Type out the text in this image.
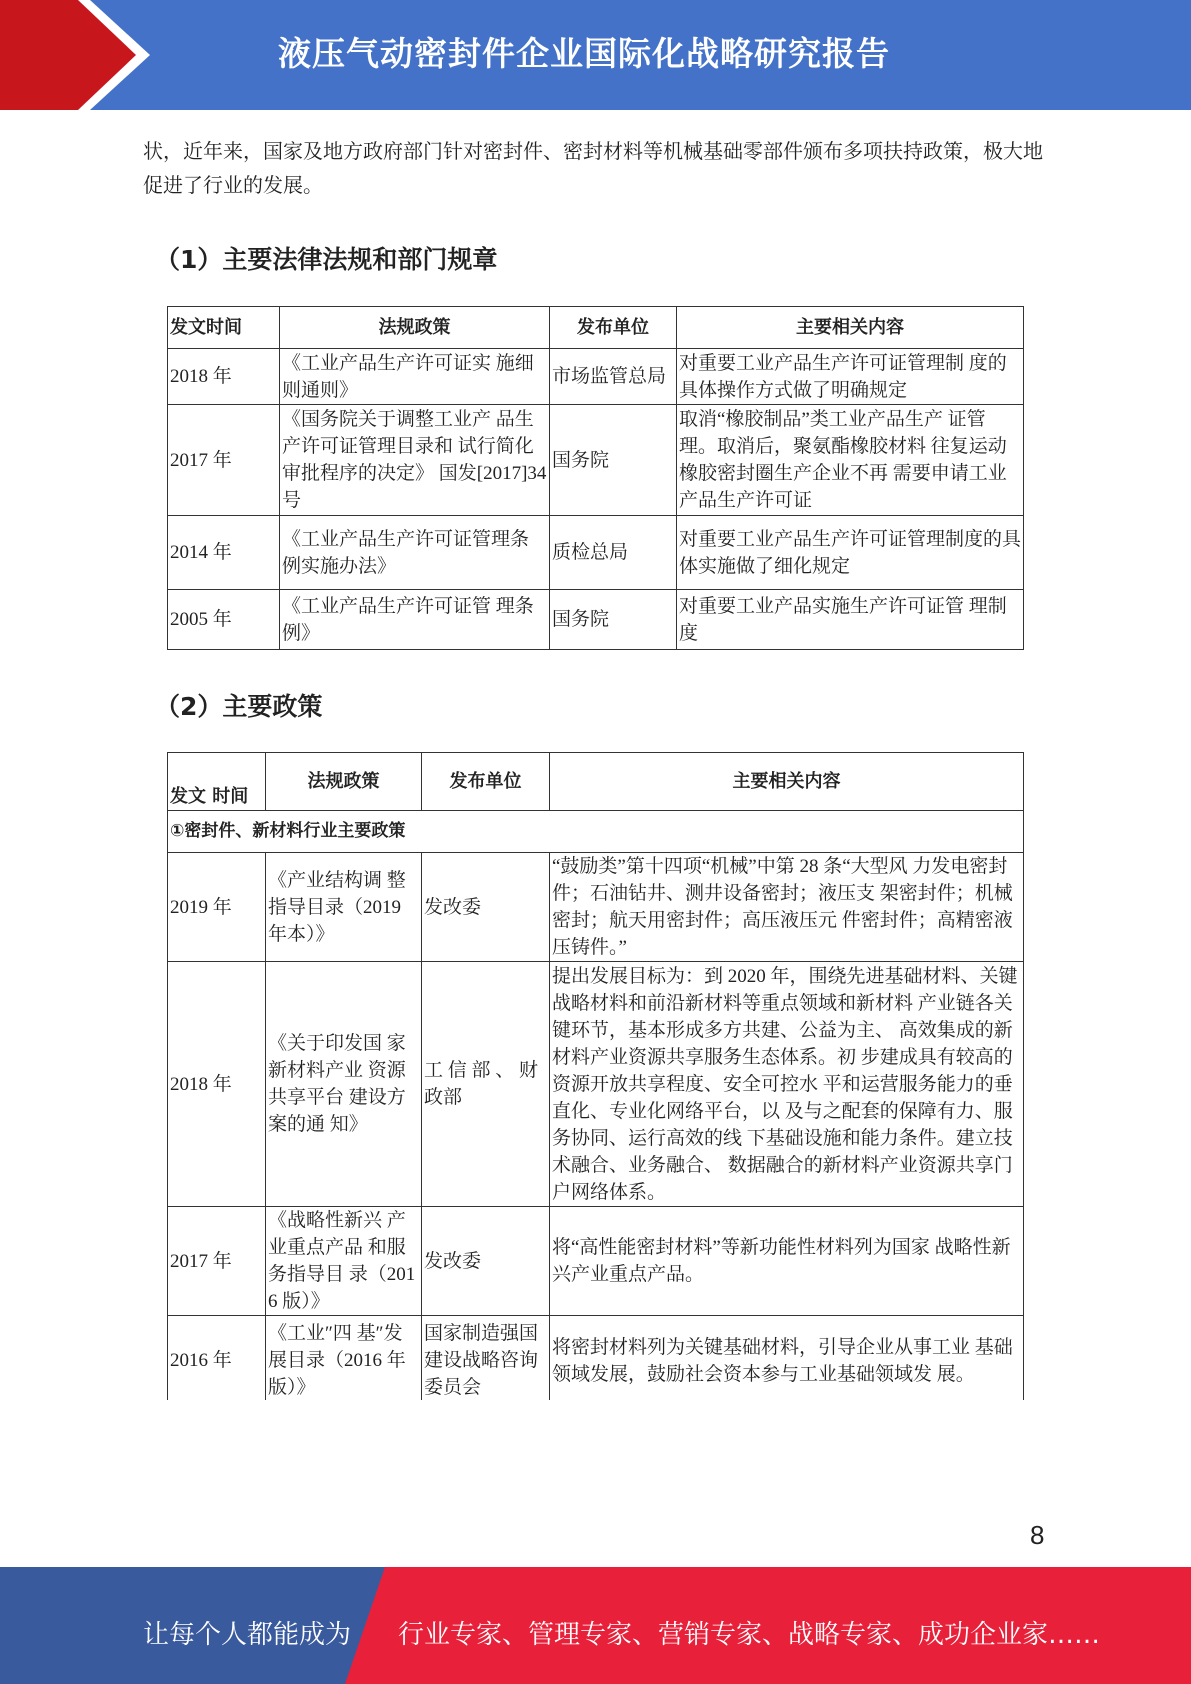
液压气动密封件企业国际化战略研究报告
状，近年来，国家及地方政府部门针对密封件、密封材料等机械基础零部件颁布多项扶持政策，极大地促进了行业的发展。
（1）主要法律法规和部门规章
发文时间	法规政策	发布单位	主要相关内容
2018 年	《工业产品生产许可证实 施细则通则》	市场监管总局	对重要工业产品生产许可证管理制 度的具体操作方式做了明确规定
2017 年	《国务院关于调整工业产 品生产许可证管理目录和 试行简化审批程序的决定》 国发[2017]34 号	国务院	取消“橡胶制品”类工业产品生产 证管理。取消后，聚氨酯橡胶材料 往复运动橡胶密封圈生产企业不再 需要申请工业产品生产许可证
2014 年	《工业产品生产许可证管理条例实施办法》	质检总局	对重要工业产品生产许可证管理制度的具体实施做了细化规定
2005 年	《工业产品生产许可证管 理条例》	国务院	对重要工业产品实施生产许可证管 理制度
（2）主要政策
发文 时间	法规政策	发布单位	主要相关内容
①密封件、新材料行业主要政策			
2019 年	《产业结构调 整指导目录（2019 年本）》	发改委	“鼓励类”第十四项“机械”中第 28 条“大型风 力发电密封件；石油钻井、测井设备密封；液压支 架密封件；机械密封；航天用密封件；高压液压元 件密封件；高精密液压铸件。”
2018 年	《关于印发国 家新材料产业 资源共享平台 建设方案的通 知》	工 信 部 、 财政部	提出发展目标为：到 2020 年，围绕先进基础材料、关键战略材料和前沿新材料等重点领域和新材料 产业链各关键环节，基本形成多方共建、公益为主、 高效集成的新材料产业资源共享服务生态体系。初 步建成具有较高的资源开放共享程度、安全可控水 平和运营服务能力的垂直化、专业化网络平台，以 及与之配套的保障有力、服务协同、运行高效的线 下基础设施和能力条件。建立技术融合、业务融合、 数据融合的新材料产业资源共享门户网络体系。
2017 年	《战略性新兴 产业重点产品 和服务指导目 录（2016 版）》	发改委	将“高性能密封材料”等新功能性材料列为国家 战略性新兴产业重点产品。
2016 年	《工业″四 基″发展目录（2016 年版）》	国家制造强国建设战略咨询委员会	将密封材料列为关键基础材料，引导企业从事工业 基础领域发展，鼓励社会资本参与工业基础领域发 展。
8
让每个人都能成为 行业专家、管理专家、营销专家、战略专家、成功企业家……
